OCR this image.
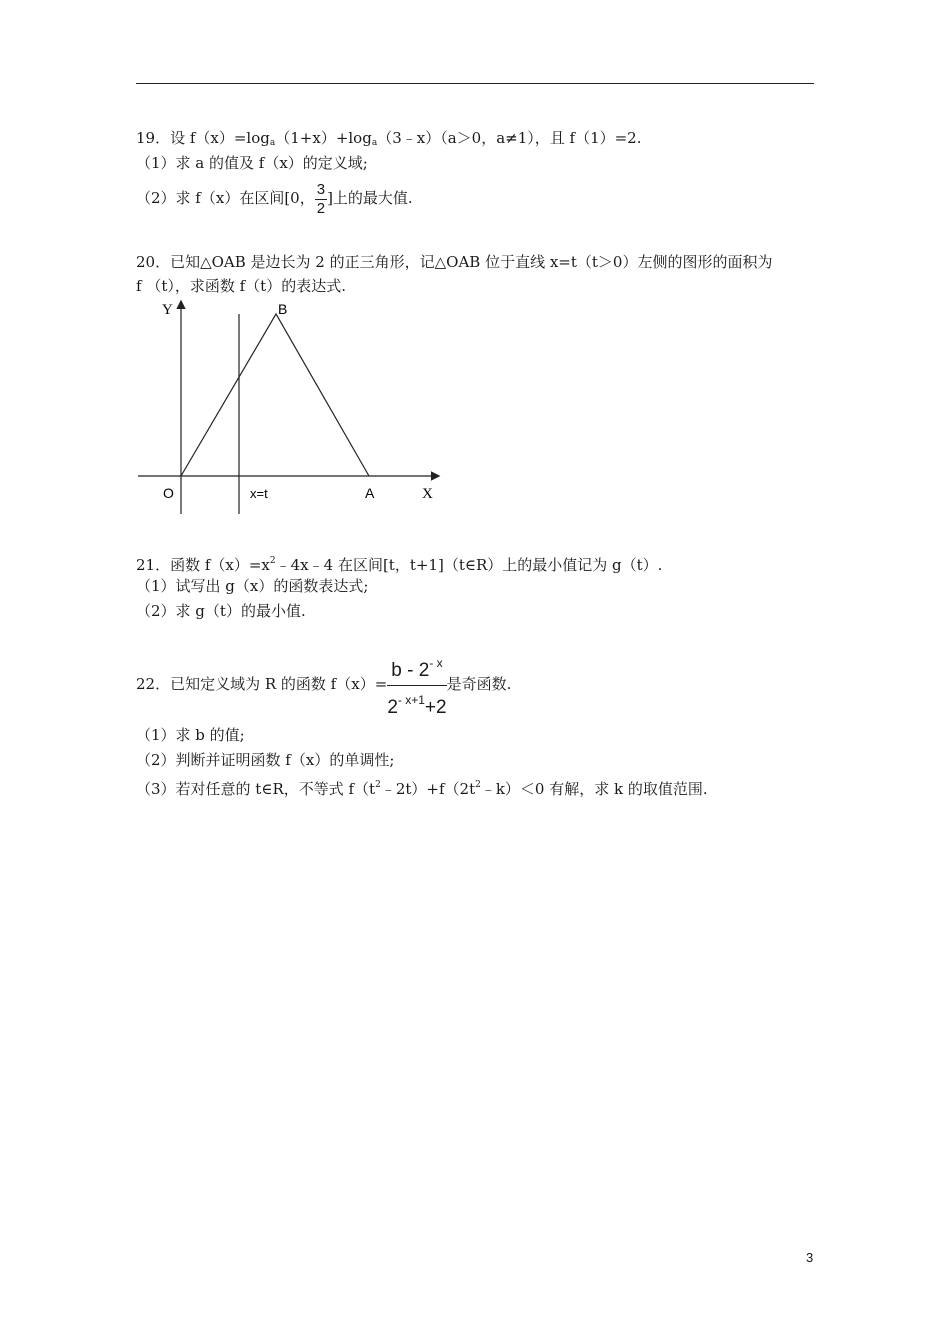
19．设 $f(x)=\log_a(1+x)+\log_a(3﹣x)(a>0$，a≠1），且 f（1）=2.
（1）求 a 的值及 f（x）的定义域;
（2）求 f（x）在区间[0， $\frac{3}{2}$ ]上的最大值.
20．已知△OAB 是边长为 2 的正三角形，记△OAB 位于直线 x=t（t＞0）左侧的图形的面积为
f （t），求函数 f（t）的表达式.
Y	B
O	x=t	A	X
21．函数 $f(x)=x^2﹣4x﹣4$ 在区间[t，t+1]（t∈R）上的最小值记为 g（t）.
（1）试写出 g（x）的函数表达式;
（2）求 g（t）的最小值.
22．已知定义域为 R 的函数 $f(x)= \frac{b - 2^{- x}}{2^{- x+1}+2}$ 是奇函数.
（1）求 b 的值;
（2）判断并证明函数 f（x）的单调性;
（3）若对任意的 t∈R，不等式 $f(t^2﹣2t)+f(2t^2﹣k)<0$ 有解，求 k 的取值范围.
3
